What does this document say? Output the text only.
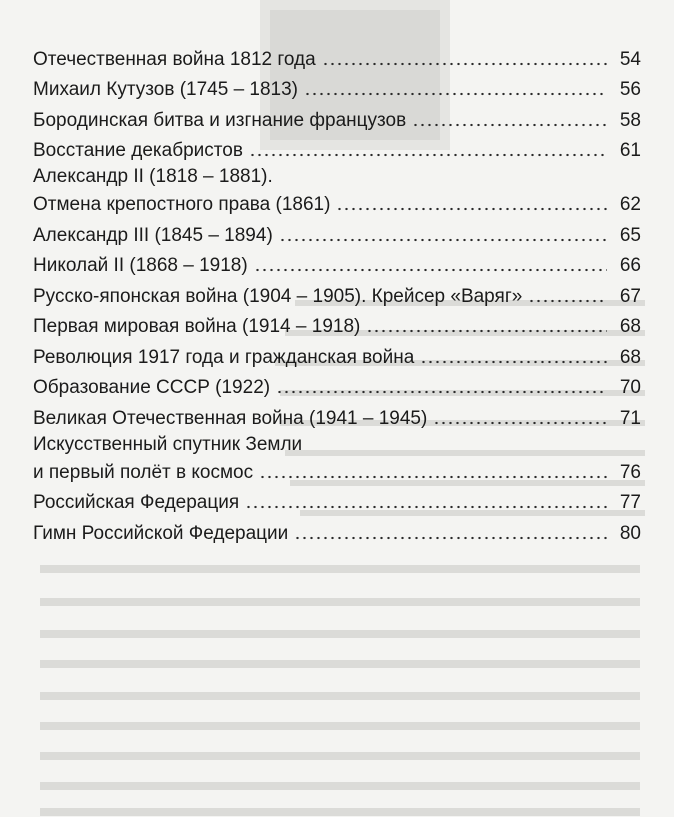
Отечественная война 1812 года	54
Михаил Кутузов (1745 – 1813)	56
Бородинская битва и изгнание французов	58
Восстание декабристов	61
Александр II (1818 – 1881).
Отмена крепостного права (1861)	62
Александр III (1845 – 1894)	65
Николай II (1868 – 1918)	66
Русско-японская война (1904 – 1905). Крейсер «Варяг»	67
Первая мировая война (1914 – 1918)	68
Революция 1917 года и гражданская война	68
Образование СССР (1922)	70
Великая Отечественная война (1941 – 1945)	71
Искусственный спутник Земли
и первый полёт в космос	76
Российская Федерация	77
Гимн Российской Федерации	80
